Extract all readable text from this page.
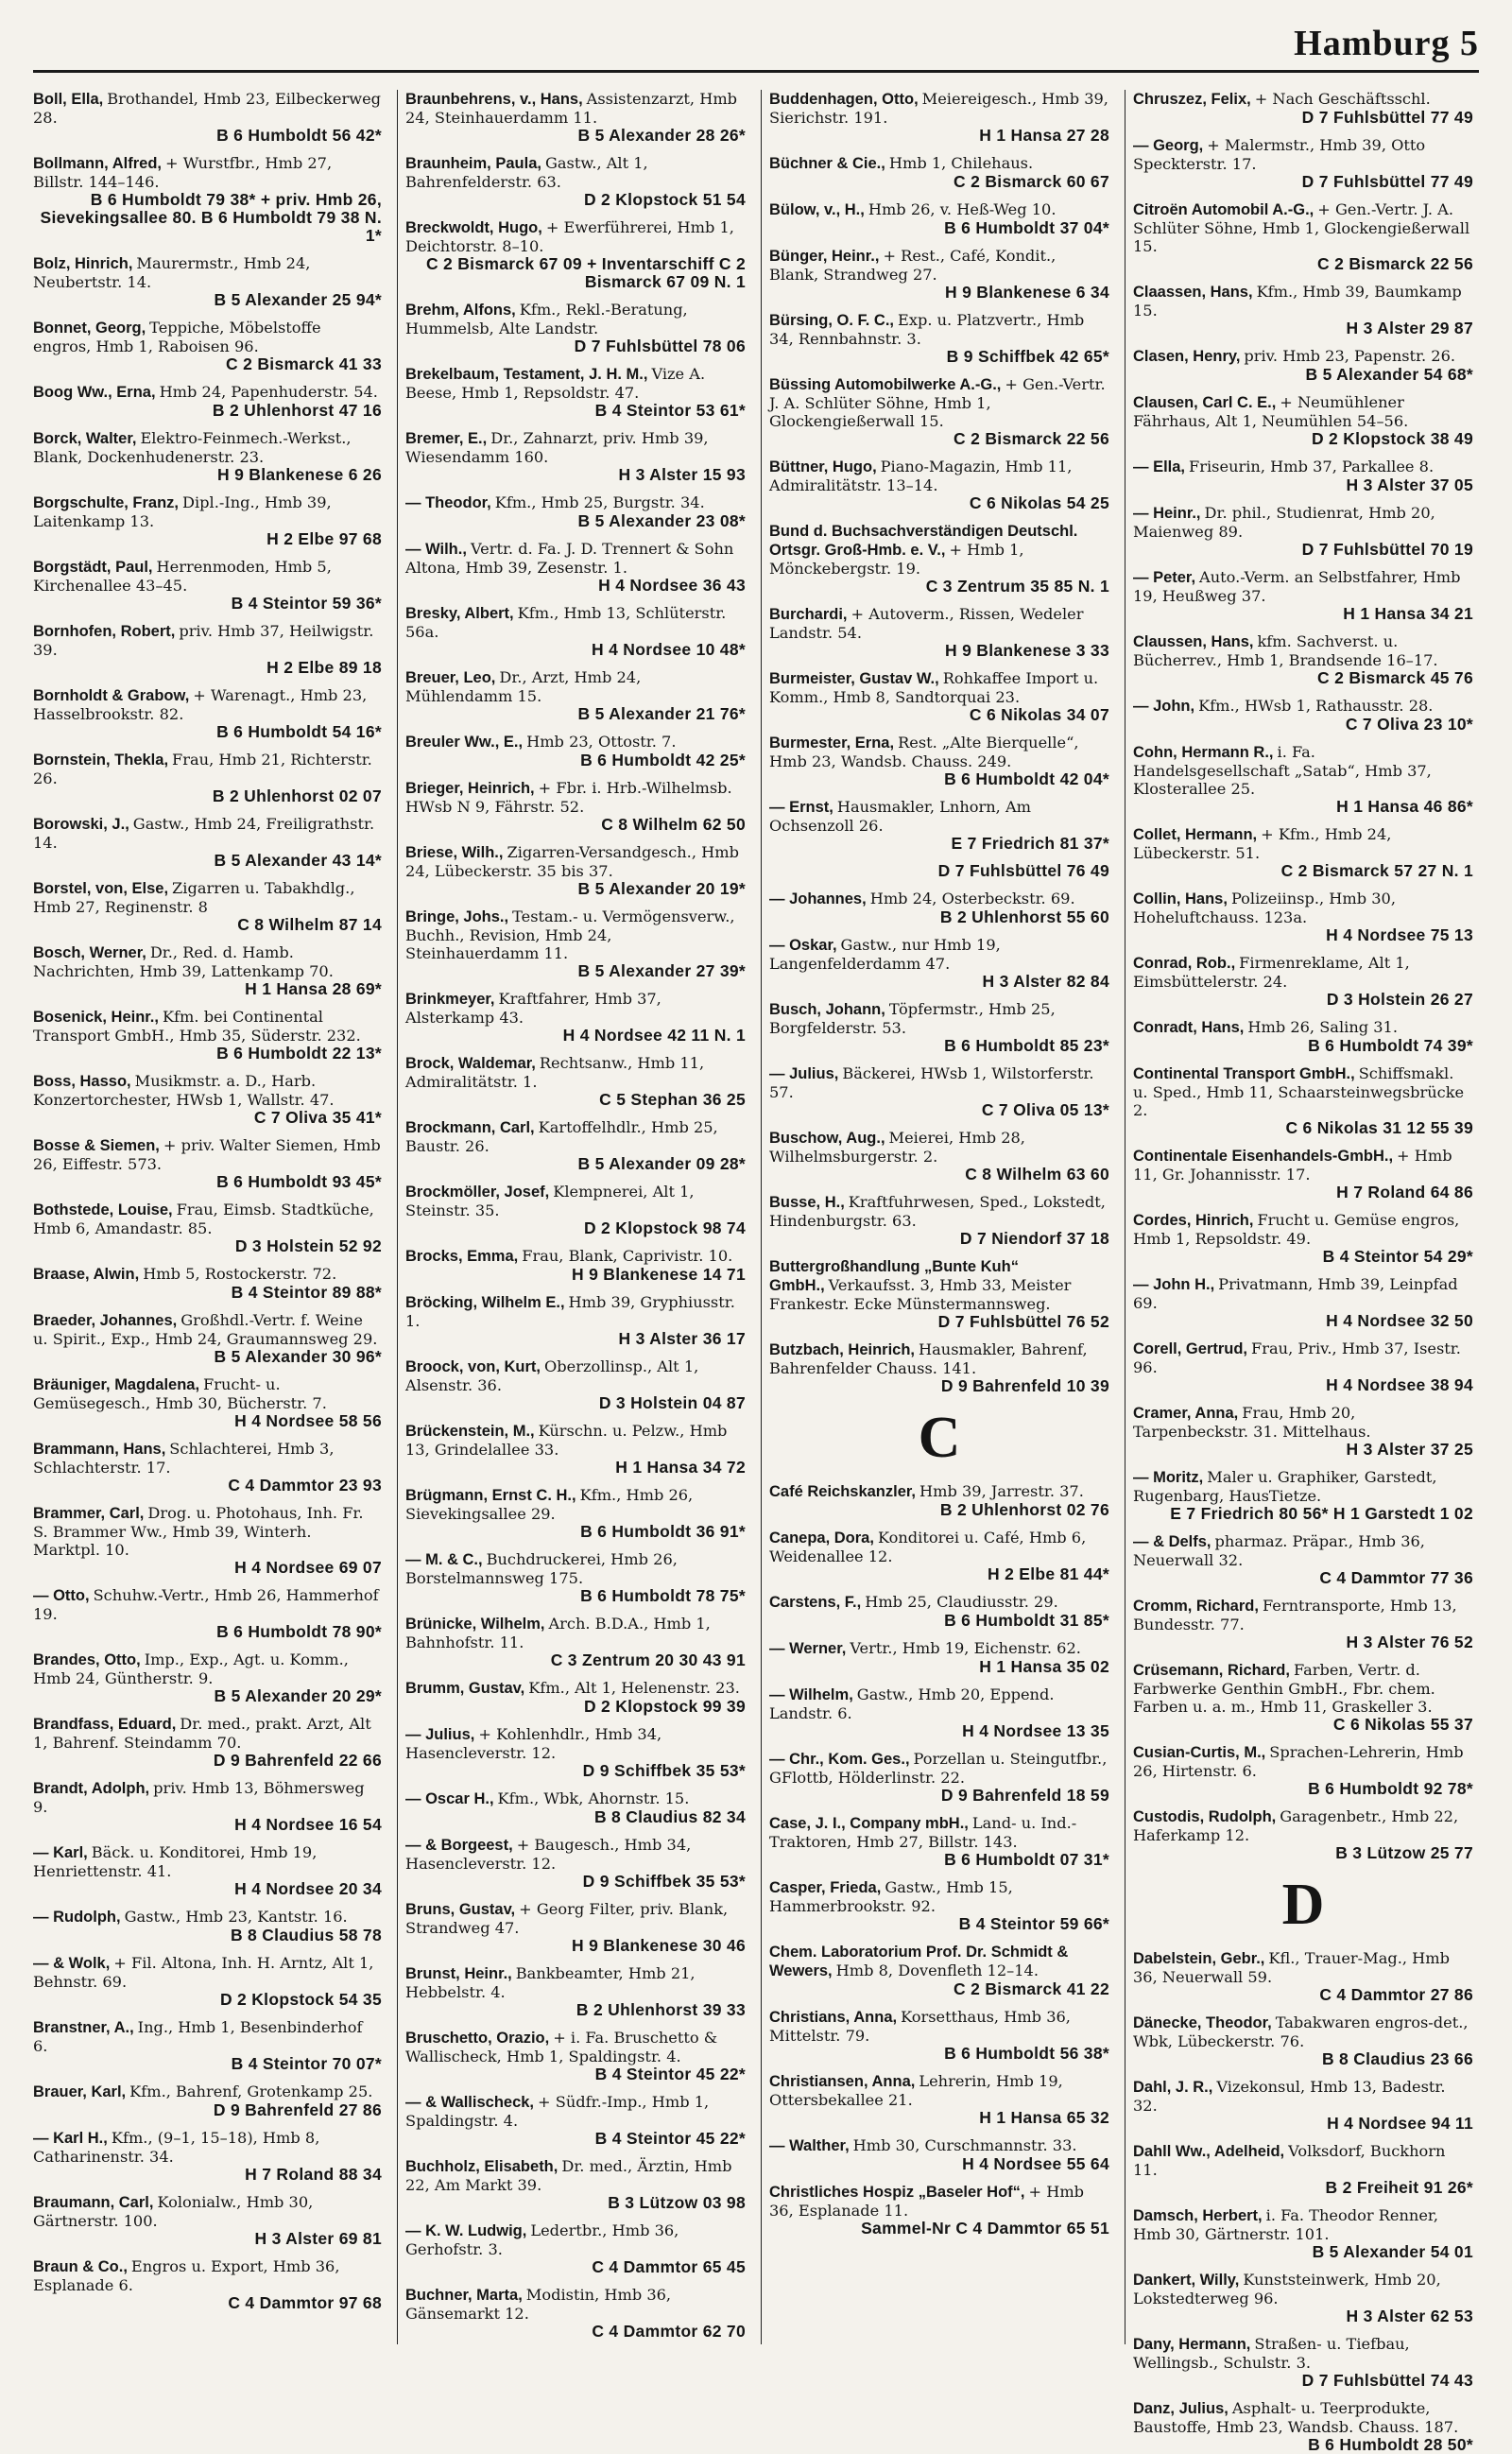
Hamburg 5
Boll, Ella, Brothandel, Hmb 23, Eilbeckerweg 28.
B 6 Humboldt 56 42*
Bollmann, Alfred, + Wurstfbr., Hmb 27, Billstr. 144–146.
B 6 Humboldt 79 38* + priv. Hmb 26, Sievekingsallee 80. B 6 Humboldt 79 38 N. 1*
Bolz, Hinrich, Maurermstr., Hmb 24, Neubertstr. 14.
B 5 Alexander 25 94*
Bonnet, Georg, Teppiche, Möbelstoffe engros, Hmb 1, Raboisen 96.
C 2 Bismarck 41 33
Boog Ww., Erna, Hmb 24, Papenhuderstr. 54.
B 2 Uhlenhorst 47 16
Borck, Walter, Elektro-Feinmech.-Werkst., Blank, Dockenhudenerstr. 23.
H 9 Blankenese 6 26
Borgschulte, Franz, Dipl.-Ing., Hmb 39, Laitenkamp 13.
H 2 Elbe 97 68
Borgstädt, Paul, Herrenmoden, Hmb 5, Kirchenallee 43–45.
B 4 Steintor 59 36*
Bornhofen, Robert, priv. Hmb 37, Heilwigstr. 39.
H 2 Elbe 89 18
Bornholdt & Grabow, + Warenagt., Hmb 23, Hasselbrookstr. 82.
B 6 Humboldt 54 16*
Bornstein, Thekla, Frau, Hmb 21, Richterstr. 26.
B 2 Uhlenhorst 02 07
Borowski, J., Gastw., Hmb 24, Freiligrathstr. 14.
B 5 Alexander 43 14*
Borstel, von, Else, Zigarren u. Tabakhdlg., Hmb 27, Reginenstr. 8
C 8 Wilhelm 87 14
Bosch, Werner, Dr., Red. d. Hamb. Nachrichten, Hmb 39, Lattenkamp 70.
H 1 Hansa 28 69*
Bosenick, Heinr., Kfm. bei Continental Transport GmbH., Hmb 35, Süderstr. 232.
B 6 Humboldt 22 13*
Boss, Hasso, Musikmstr. a. D., Harb. Konzertorchester, HWsb 1, Wallstr. 47.
C 7 Oliva 35 41*
Bosse & Siemen, + priv. Walter Siemen, Hmb 26, Eiffestr. 573.
B 6 Humboldt 93 45*
Bothstede, Louise, Frau, Eimsb. Stadtküche, Hmb 6, Amandastr. 85.
D 3 Holstein 52 92
Braase, Alwin, Hmb 5, Rostockerstr. 72.
B 4 Steintor 89 88*
Braeder, Johannes, Großhdl.-Vertr. f. Weine u. Spirit., Exp., Hmb 24, Graumannsweg 29.
B 5 Alexander 30 96*
Bräuniger, Magdalena, Frucht- u. Gemüsegesch., Hmb 30, Bücherstr. 7.
H 4 Nordsee 58 56
Brammann, Hans, Schlachterei, Hmb 3, Schlachterstr. 17.
C 4 Dammtor 23 93
Brammer, Carl, Drog. u. Photohaus, Inh. Fr. S. Brammer Ww., Hmb 39, Winterh. Marktpl. 10.
H 4 Nordsee 69 07
— Otto, Schuhw.-Vertr., Hmb 26, Hammerhof 19.
B 6 Humboldt 78 90*
Brandes, Otto, Imp., Exp., Agt. u. Komm., Hmb 24, Güntherstr. 9.
B 5 Alexander 20 29*
Brandfass, Eduard, Dr. med., prakt. Arzt, Alt 1, Bahrenf. Steindamm 70.
D 9 Bahrenfeld 22 66
Brandt, Adolph, priv. Hmb 13, Böhmersweg 9.
H 4 Nordsee 16 54
— Karl, Bäck. u. Konditorei, Hmb 19, Henriettenstr. 41.
H 4 Nordsee 20 34
— Rudolph, Gastw., Hmb 23, Kantstr. 16.
B 8 Claudius 58 78
— & Wolk, + Fil. Altona, Inh. H. Arntz, Alt 1, Behnstr. 69.
D 2 Klopstock 54 35
Branstner, A., Ing., Hmb 1, Besenbinderhof 6.
B 4 Steintor 70 07*
Brauer, Karl, Kfm., Bahrenf, Grotenkamp 25.
D 9 Bahrenfeld 27 86
— Karl H., Kfm., (9–1, 15–18), Hmb 8, Catharinenstr. 34.
H 7 Roland 88 34
Braumann, Carl, Kolonialw., Hmb 30, Gärtnerstr. 100.
H 3 Alster 69 81
Braun & Co., Engros u. Export, Hmb 36, Esplanade 6.
C 4 Dammtor 97 68
Braunbehrens, v., Hans, Assistenzarzt, Hmb 24, Steinhauerdamm 11.
B 5 Alexander 28 26*
Braunheim, Paula, Gastw., Alt 1, Bahrenfelderstr. 63.
D 2 Klopstock 51 54
Breckwoldt, Hugo, + Ewerführerei, Hmb 1, Deichtorstr. 8–10.
C 2 Bismarck 67 09 + Inventarschiff C 2 Bismarck 67 09 N. 1
Brehm, Alfons, Kfm., Rekl.-Beratung, Hummelsb, Alte Landstr.
D 7 Fuhlsbüttel 78 06
Brekelbaum, Testament, J. H. M., Vize A. Beese, Hmb 1, Repsoldstr. 47.
B 4 Steintor 53 61*
Bremer, E., Dr., Zahnarzt, priv. Hmb 39, Wiesendamm 160.
H 3 Alster 15 93
— Theodor, Kfm., Hmb 25, Burgstr. 34.
B 5 Alexander 23 08*
— Wilh., Vertr. d. Fa. J. D. Trennert & Sohn Altona, Hmb 39, Zesenstr. 1.
H 4 Nordsee 36 43
Bresky, Albert, Kfm., Hmb 13, Schlüterstr. 56a.
H 4 Nordsee 10 48*
Breuer, Leo, Dr., Arzt, Hmb 24, Mühlendamm 15.
B 5 Alexander 21 76*
Breuler Ww., E., Hmb 23, Ottostr. 7.
B 6 Humboldt 42 25*
Brieger, Heinrich, + Fbr. i. Hrb.-Wilhelmsb. HWsb N 9, Fährstr. 52.
C 8 Wilhelm 62 50
Briese, Wilh., Zigarren-Versandgesch., Hmb 24, Lübeckerstr. 35 bis 37.
B 5 Alexander 20 19*
Bringe, Johs., Testam.- u. Vermögensverw., Buchh., Revision, Hmb 24, Steinhauerdamm 11.
B 5 Alexander 27 39*
Brinkmeyer, Kraftfahrer, Hmb 37, Alsterkamp 43.
H 4 Nordsee 42 11 N. 1
Brock, Waldemar, Rechtsanw., Hmb 11, Admiralitätstr. 1.
C 5 Stephan 36 25
Brockmann, Carl, Kartoffelhdlr., Hmb 25, Baustr. 26.
B 5 Alexander 09 28*
Brockmöller, Josef, Klempnerei, Alt 1, Steinstr. 35.
D 2 Klopstock 98 74
Brocks, Emma, Frau, Blank, Caprivistr. 10.
H 9 Blankenese 14 71
Bröcking, Wilhelm E., Hmb 39, Gryphiusstr. 1.
H 3 Alster 36 17
Broock, von, Kurt, Oberzollinsp., Alt 1, Alsenstr. 36.
D 3 Holstein 04 87
Brückenstein, M., Kürschn. u. Pelzw., Hmb 13, Grindelallee 33.
H 1 Hansa 34 72
Brügmann, Ernst C. H., Kfm., Hmb 26, Sievekingsallee 29.
B 6 Humboldt 36 91*
— M. & C., Buchdruckerei, Hmb 26, Borstelmannsweg 175.
B 6 Humboldt 78 75*
Brünicke, Wilhelm, Arch. B.D.A., Hmb 1, Bahnhofstr. 11.
C 3 Zentrum 20 30 43 91
Brumm, Gustav, Kfm., Alt 1, Helenenstr. 23.
D 2 Klopstock 99 39
— Julius, + Kohlenhdlr., Hmb 34, Hasencleverstr. 12.
D 9 Schiffbek 35 53*
— Oscar H., Kfm., Wbk, Ahornstr. 15.
B 8 Claudius 82 34
— & Borgeest, + Baugesch., Hmb 34, Hasencleverstr. 12.
D 9 Schiffbek 35 53*
Bruns, Gustav, + Georg Filter, priv. Blank, Strandweg 47.
H 9 Blankenese 30 46
Brunst, Heinr., Bankbeamter, Hmb 21, Hebbelstr. 4.
B 2 Uhlenhorst 39 33
Bruschetto, Orazio, + i. Fa. Bruschetto & Wallischeck, Hmb 1, Spaldingstr. 4.
B 4 Steintor 45 22*
— & Wallischeck, + Südfr.-Imp., Hmb 1, Spaldingstr. 4.
B 4 Steintor 45 22*
Buchholz, Elisabeth, Dr. med., Ärztin, Hmb 22, Am Markt 39.
B 3 Lützow 03 98
— K. W. Ludwig, Ledertbr., Hmb 36, Gerhofstr. 3.
C 4 Dammtor 65 45
Buchner, Marta, Modistin, Hmb 36, Gänsemarkt 12.
C 4 Dammtor 62 70
Buddenhagen, Otto, Meiereigesch., Hmb 39, Sierichstr. 191.
H 1 Hansa 27 28
Büchner & Cie., Hmb 1, Chilehaus.
C 2 Bismarck 60 67
Bülow, v., H., Hmb 26, v. Heß-Weg 10.
B 6 Humboldt 37 04*
Bünger, Heinr., + Rest., Café, Kondit., Blank, Strandweg 27.
H 9 Blankenese 6 34
Bürsing, O. F. C., Exp. u. Platzvertr., Hmb 34, Rennbahnstr. 3.
B 9 Schiffbek 42 65*
Büssing Automobilwerke A.-G., + Gen.-Vertr. J. A. Schlüter Söhne, Hmb 1, Glockengießerwall 15.
C 2 Bismarck 22 56
Büttner, Hugo, Piano-Magazin, Hmb 11, Admiralitätstr. 13–14.
C 6 Nikolas 54 25
Bund d. Buchsachverständigen Deutschl. Ortsgr. Groß-Hmb. e. V., + Hmb 1, Mönckebergstr. 19.
C 3 Zentrum 35 85 N. 1
Burchardi, + Autoverm., Rissen, Wedeler Landstr. 54.
H 9 Blankenese 3 33
Burmeister, Gustav W., Rohkaffee Import u. Komm., Hmb 8, Sandtorquai 23.
C 6 Nikolas 34 07
Burmester, Erna, Rest. „Alte Bierquelle“, Hmb 23, Wandsb. Chauss. 249.
B 6 Humboldt 42 04*
— Ernst, Hausmakler, Lnhorn, Am Ochsenzoll 26.
E 7 Friedrich 81 37*
D 7 Fuhlsbüttel 76 49
— Johannes, Hmb 24, Osterbeckstr. 69.
B 2 Uhlenhorst 55 60
— Oskar, Gastw., nur Hmb 19, Langenfelderdamm 47.
H 3 Alster 82 84
Busch, Johann, Töpfermstr., Hmb 25, Borgfelderstr. 53.
B 6 Humboldt 85 23*
— Julius, Bäckerei, HWsb 1, Wilstorferstr. 57.
C 7 Oliva 05 13*
Buschow, Aug., Meierei, Hmb 28, Wilhelmsburgerstr. 2.
C 8 Wilhelm 63 60
Busse, H., Kraftfuhrwesen, Sped., Lokstedt, Hindenburgstr. 63.
D 7 Niendorf 37 18
Buttergroßhandlung „Bunte Kuh“ GmbH., Verkaufsst. 3, Hmb 33, Meister Frankestr. Ecke Münstermannsweg.
D 7 Fuhlsbüttel 76 52
Butzbach, Heinrich, Hausmakler, Bahrenf, Bahrenfelder Chauss. 141.
D 9 Bahrenfeld 10 39
C
Café Reichskanzler, Hmb 39, Jarrestr. 37.
B 2 Uhlenhorst 02 76
Canepa, Dora, Konditorei u. Café, Hmb 6, Weidenallee 12.
H 2 Elbe 81 44*
Carstens, F., Hmb 25, Claudiusstr. 29.
B 6 Humboldt 31 85*
— Werner, Vertr., Hmb 19, Eichenstr. 62.
H 1 Hansa 35 02
— Wilhelm, Gastw., Hmb 20, Eppend. Landstr. 6.
H 4 Nordsee 13 35
— Chr., Kom. Ges., Porzellan u. Steingutfbr., GFlottb, Hölderlinstr. 22.
D 9 Bahrenfeld 18 59
Case, J. I., Company mbH., Land- u. Ind.-Traktoren, Hmb 27, Billstr. 143.
B 6 Humboldt 07 31*
Casper, Frieda, Gastw., Hmb 15, Hammerbrookstr. 92.
B 4 Steintor 59 66*
Chem. Laboratorium Prof. Dr. Schmidt & Wewers, Hmb 8, Dovenfleth 12–14.
C 2 Bismarck 41 22
Christians, Anna, Korsetthaus, Hmb 36, Mittelstr. 79.
B 6 Humboldt 56 38*
Christiansen, Anna, Lehrerin, Hmb 19, Ottersbekallee 21.
H 1 Hansa 65 32
— Walther, Hmb 30, Curschmannstr. 33.
H 4 Nordsee 55 64
Christliches Hospiz „Baseler Hof“, + Hmb 36, Esplanade 11.
Sammel-Nr C 4 Dammtor 65 51
Chruszez, Felix, + Nach Geschäftsschl.
D 7 Fuhlsbüttel 77 49
— Georg, + Malermstr., Hmb 39, Otto Speckterstr. 17.
D 7 Fuhlsbüttel 77 49
Citroën Automobil A.-G., + Gen.-Vertr. J. A. Schlüter Söhne, Hmb 1, Glockengießerwall 15.
C 2 Bismarck 22 56
Claassen, Hans, Kfm., Hmb 39, Baumkamp 15.
H 3 Alster 29 87
Clasen, Henry, priv. Hmb 23, Papenstr. 26.
B 5 Alexander 54 68*
Clausen, Carl C. E., + Neumühlener Fährhaus, Alt 1, Neumühlen 54–56.
D 2 Klopstock 38 49
— Ella, Friseurin, Hmb 37, Parkallee 8.
H 3 Alster 37 05
— Heinr., Dr. phil., Studienrat, Hmb 20, Maienweg 89.
D 7 Fuhlsbüttel 70 19
— Peter, Auto.-Verm. an Selbstfahrer, Hmb 19, Heußweg 37.
H 1 Hansa 34 21
Claussen, Hans, kfm. Sachverst. u. Bücherrev., Hmb 1, Brandsende 16–17.
C 2 Bismarck 45 76
— John, Kfm., HWsb 1, Rathausstr. 28.
C 7 Oliva 23 10*
Cohn, Hermann R., i. Fa. Handelsgesellschaft „Satab“, Hmb 37, Klosterallee 25.
H 1 Hansa 46 86*
Collet, Hermann, + Kfm., Hmb 24, Lübeckerstr. 51.
C 2 Bismarck 57 27 N. 1
Collin, Hans, Polizeiinsp., Hmb 30, Hoheluftchauss. 123a.
H 4 Nordsee 75 13
Conrad, Rob., Firmenreklame, Alt 1, Eimsbüttelerstr. 24.
D 3 Holstein 26 27
Conradt, Hans, Hmb 26, Saling 31.
B 6 Humboldt 74 39*
Continental Transport GmbH., Schiffsmakl. u. Sped., Hmb 11, Schaarsteinwegsbrücke 2.
C 6 Nikolas 31 12 55 39
Continentale Eisenhandels-GmbH., + Hmb 11, Gr. Johannisstr. 17.
H 7 Roland 64 86
Cordes, Hinrich, Frucht u. Gemüse engros, Hmb 1, Repsoldstr. 49.
B 4 Steintor 54 29*
— John H., Privatmann, Hmb 39, Leinpfad 69.
H 4 Nordsee 32 50
Corell, Gertrud, Frau, Priv., Hmb 37, Isestr. 96.
H 4 Nordsee 38 94
Cramer, Anna, Frau, Hmb 20, Tarpenbeckstr. 31. Mittelhaus.
H 3 Alster 37 25
— Moritz, Maler u. Graphiker, Garstedt, Rugenbarg, HausTietze.
E 7 Friedrich 80 56* H 1 Garstedt 1 02
— & Delfs, pharmaz. Präpar., Hmb 36, Neuerwall 32.
C 4 Dammtor 77 36
Cromm, Richard, Ferntransporte, Hmb 13, Bundesstr. 77.
H 3 Alster 76 52
Crüsemann, Richard, Farben, Vertr. d. Farbwerke Genthin GmbH., Fbr. chem. Farben u. a. m., Hmb 11, Graskeller 3.
C 6 Nikolas 55 37
Cusian-Curtis, M., Sprachen-Lehrerin, Hmb 26, Hirtenstr. 6.
B 6 Humboldt 92 78*
Custodis, Rudolph, Garagenbetr., Hmb 22, Haferkamp 12.
B 3 Lützow 25 77
D
Dabelstein, Gebr., Kfl., Trauer-Mag., Hmb 36, Neuerwall 59.
C 4 Dammtor 27 86
Dänecke, Theodor, Tabakwaren engros-det., Wbk, Lübeckerstr. 76.
B 8 Claudius 23 66
Dahl, J. R., Vizekonsul, Hmb 13, Badestr. 32.
H 4 Nordsee 94 11
Dahll Ww., Adelheid, Volksdorf, Buckhorn 11.
B 2 Freiheit 91 26*
Damsch, Herbert, i. Fa. Theodor Renner, Hmb 30, Gärtnerstr. 101.
B 5 Alexander 54 01
Dankert, Willy, Kunststeinwerk, Hmb 20, Lokstedterweg 96.
H 3 Alster 62 53
Dany, Hermann, Straßen- u. Tiefbau, Wellingsb., Schulstr. 3.
D 7 Fuhlsbüttel 74 43
Danz, Julius, Asphalt- u. Teerprodukte, Baustoffe, Hmb 23, Wandsb. Chauss. 187.
B 6 Humboldt 28 50*
